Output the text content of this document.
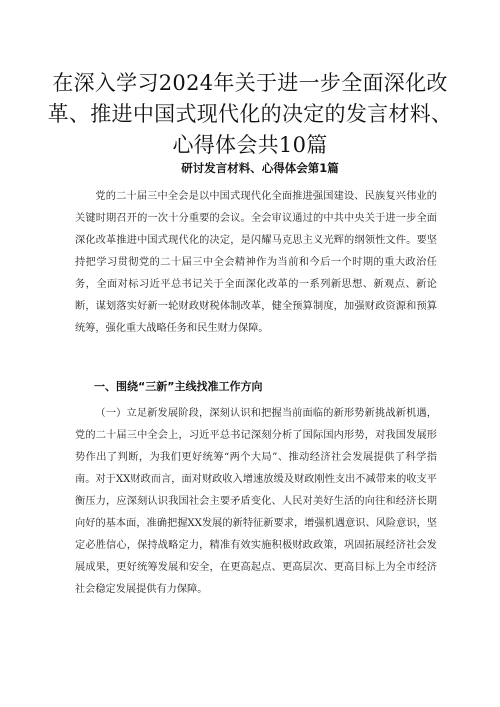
在深入学习2024年关于进一步全面深化改革、推进中国式现代化的决定的发言材料、心得体会共10篇
研讨发言材料、心得体会第1篇

党的二十届三中全会是以中国式现代化全面推进强国建设、民族复兴伟业的关键时期召开的一次十分重要的会议。全会审议通过的中共中央关于进一步全面深化改革推进中国式现代化的决定，是闪耀马克思主义光辉的纲领性文件。要坚持把学习贯彻党的二十届三中全会精神作为当前和今后一个时期的重大政治任务，全面对标习近平总书记关于全面深化改革的一系列新思想、新观点、新论断，谋划落实好新一轮财政财税体制改革，健全预算制度，加强财政资源和预算统筹，强化重大战略任务和民生财力保障。

一、围绕“三新”主线找准工作方向

（一）立足新发展阶段，深刻认识和把握当前面临的新形势新挑战新机遇，党的二十届三中全会上，习近平总书记深刻分析了国际国内形势，对我国发展形势作出了判断，为我们更好统筹“两个大局”、推动经济社会发展提供了科学指南。对于XX财政而言，面对财政收入增速放缓及财政刚性支出不减带来的收支平衡压力，应深刻认识我国社会主要矛盾变化、人民对美好生活的向往和经济长期向好的基本面，准确把握XX发展的新特征新要求，增强机遇意识、风险意识，坚定必胜信心，保持战略定力，精准有效实施积极财政政策，巩固拓展经济社会发展成果，更好统筹发展和安全，在更高起点、更高层次、更高目标上为全市经济社会稳定发展提供有力保障。
